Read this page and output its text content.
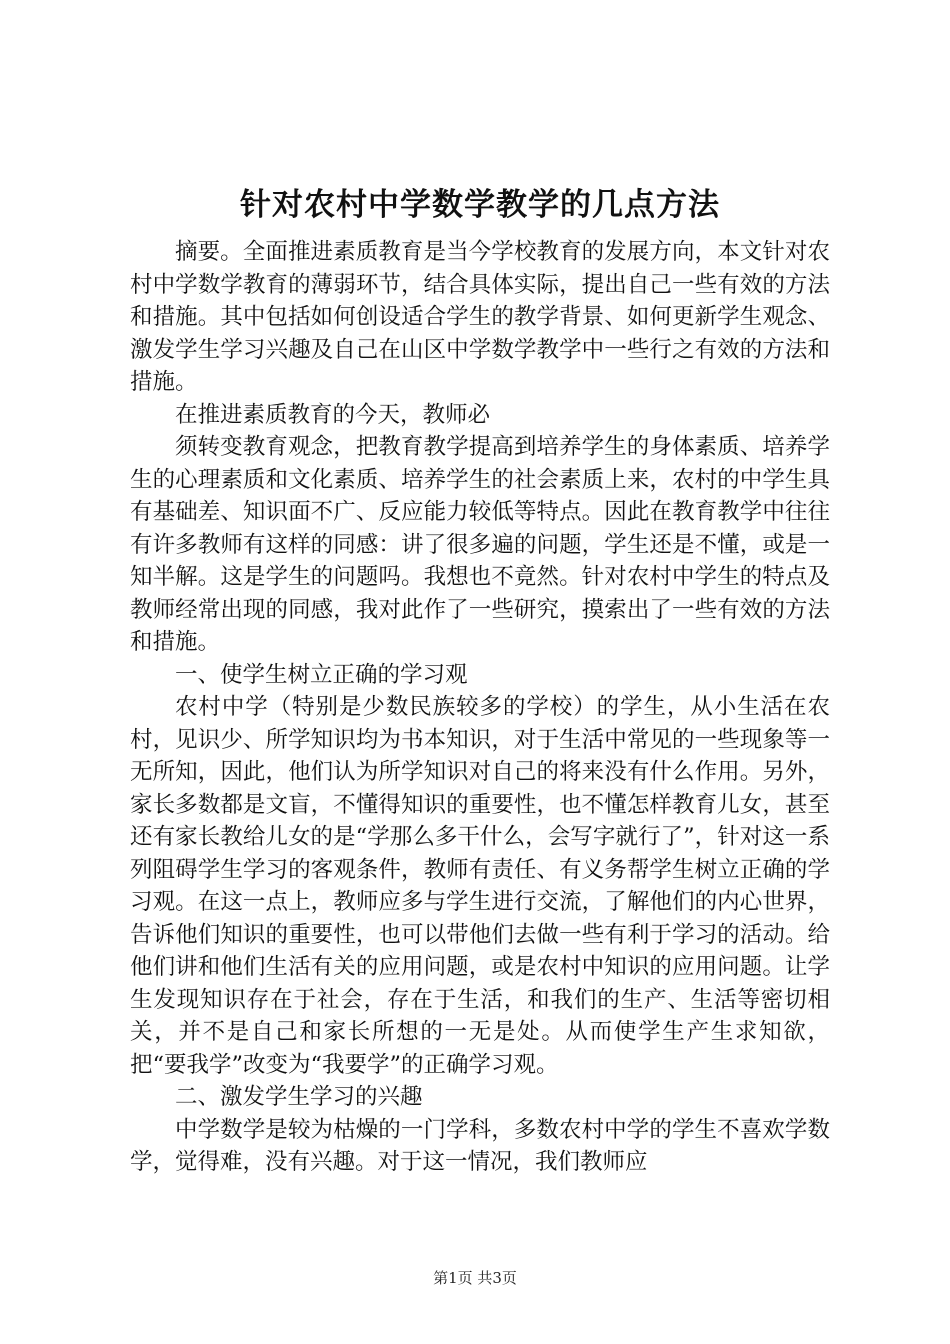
针对农村中学数学教学的几点方法

摘要。全面推进素质教育是当今学校教育的发展方向，本文针对农村中学数学教育的薄弱环节，结合具体实际，提出自己一些有效的方法和措施。其中包括如何创设适合学生的教学背景、如何更新学生观念、激发学生学习兴趣及自己在山区中学数学教学中一些行之有效的方法和措施。

在推进素质教育的今天，教师必

须转变教育观念，把教育教学提高到培养学生的身体素质、培养学生的心理素质和文化素质、培养学生的社会素质上来，农村的中学生具有基础差、知识面不广、反应能力较低等特点。因此在教育教学中往往有许多教师有这样的同感：讲了很多遍的问题，学生还是不懂，或是一知半解。这是学生的问题吗。我想也不竟然。针对农村中学生的特点及教师经常出现的同感，我对此作了一些研究，摸索出了一些有效的方法和措施。

一、使学生树立正确的学习观

农村中学（特别是少数民族较多的学校）的学生，从小生活在农村，见识少、所学知识均为书本知识，对于生活中常见的一些现象等一无所知，因此，他们认为所学知识对自己的将来没有什么作用。另外，家长多数都是文盲，不懂得知识的重要性，也不懂怎样教育儿女，甚至还有家长教给儿女的是“学那么多干什么，会写字就行了”，针对这一系列阻碍学生学习的客观条件，教师有责任、有义务帮学生树立正确的学习观。在这一点上，教师应多与学生进行交流，了解他们的内心世界，告诉他们知识的重要性，也可以带他们去做一些有利于学习的活动。给他们讲和他们生活有关的应用问题，或是农村中知识的应用问题。让学生发现知识存在于社会，存在于生活，和我们的生产、生活等密切相关，并不是自己和家长所想的一无是处。从而使学生产生求知欲，把“要我学”改变为“我要学”的正确学习观。

二、激发学生学习的兴趣

中学数学是较为枯燥的一门学科，多数农村中学的学生不喜欢学数学，觉得难，没有兴趣。对于这一情况，我们教师应

第1页 共3页
